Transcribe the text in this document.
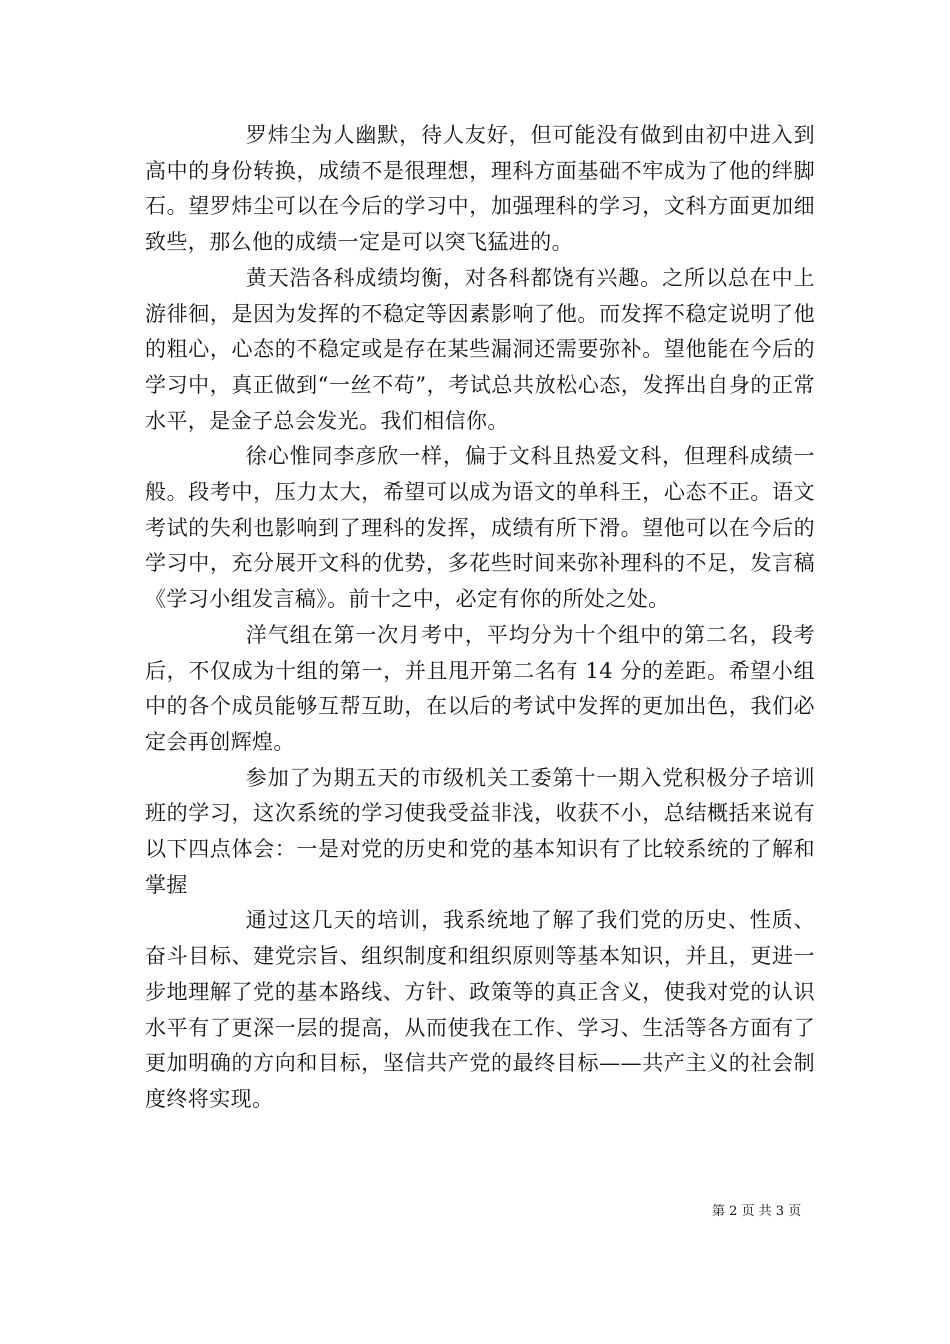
罗炜尘为人幽默，待人友好，但可能没有做到由初中进入到高中的身份转换，成绩不是很理想，理科方面基础不牢成为了他的绊脚石。望罗炜尘可以在今后的学习中，加强理科的学习，文科方面更加细致些，那么他的成绩一定是可以突飞猛进的。

黄天浩各科成绩均衡，对各科都饶有兴趣。之所以总在中上游徘徊，是因为发挥的不稳定等因素影响了他。而发挥不稳定说明了他的粗心，心态的不稳定或是存在某些漏洞还需要弥补。望他能在今后的学习中，真正做到“一丝不苟”，考试总共放松心态，发挥出自身的正常水平，是金子总会发光。我们相信你。

徐心惟同李彦欣一样，偏于文科且热爱文科，但理科成绩一般。段考中，压力太大，希望可以成为语文的单科王，心态不正。语文考试的失利也影响到了理科的发挥，成绩有所下滑。望他可以在今后的学习中，充分展开文科的优势，多花些时间来弥补理科的不足，发言稿《学习小组发言稿》。前十之中，必定有你的所处之处。

洋气组在第一次月考中，平均分为十个组中的第二名，段考后，不仅成为十组的第一，并且甩开第二名有 14 分的差距。希望小组中的各个成员能够互帮互助，在以后的考试中发挥的更加出色，我们必定会再创辉煌。

参加了为期五天的市级机关工委第十一期入党积极分子培训班的学习，这次系统的学习使我受益非浅，收获不小，总结概括来说有以下四点体会：一是对党的历史和党的基本知识有了比较系统的了解和掌握

通过这几天的培训，我系统地了解了我们党的历史、性质、奋斗目标、建党宗旨、组织制度和组织原则等基本知识，并且，更进一步地理解了党的基本路线、方针、政策等的真正含义，使我对党的认识水平有了更深一层的提高，从而使我在工作、学习、生活等各方面有了更加明确的方向和目标，坚信共产党的最终目标——共产主义的社会制度终将实现。

第 2 页 共 3 页
